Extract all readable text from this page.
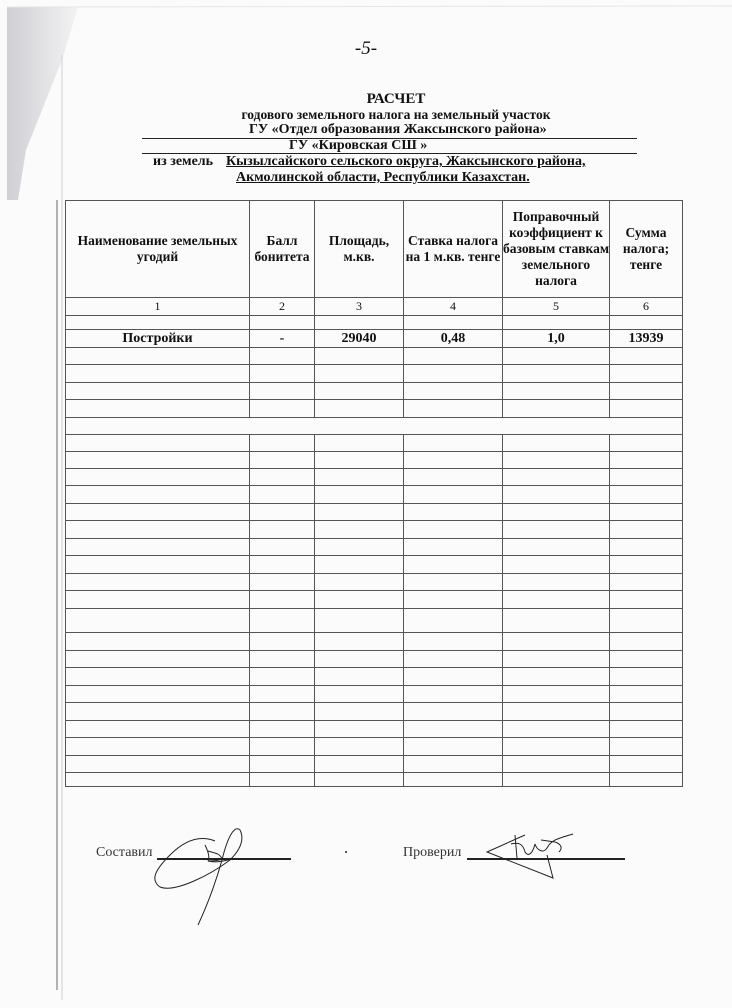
-5-
РАСЧЕТ
годового земельного налога на земельный участок
ГУ «Отдел образования Жаксынского района»
ГУ «Кировская СШ »
из земель Кызылсайского сельского округа, Жаксынского района,
Акмолинской области, Республики Казахстан.
Наименование земельных угодий	Балл бонитета	Площадь, м.кв.	Ставка налога на 1 м.кв. тенге	Поправочный коэффициент к базовым ставкам земельного налога	Сумма налога; тенге
1	2	3	4	5	6

Постройки	-	29040	0,48	1,0	13939

Составил	Проверил
